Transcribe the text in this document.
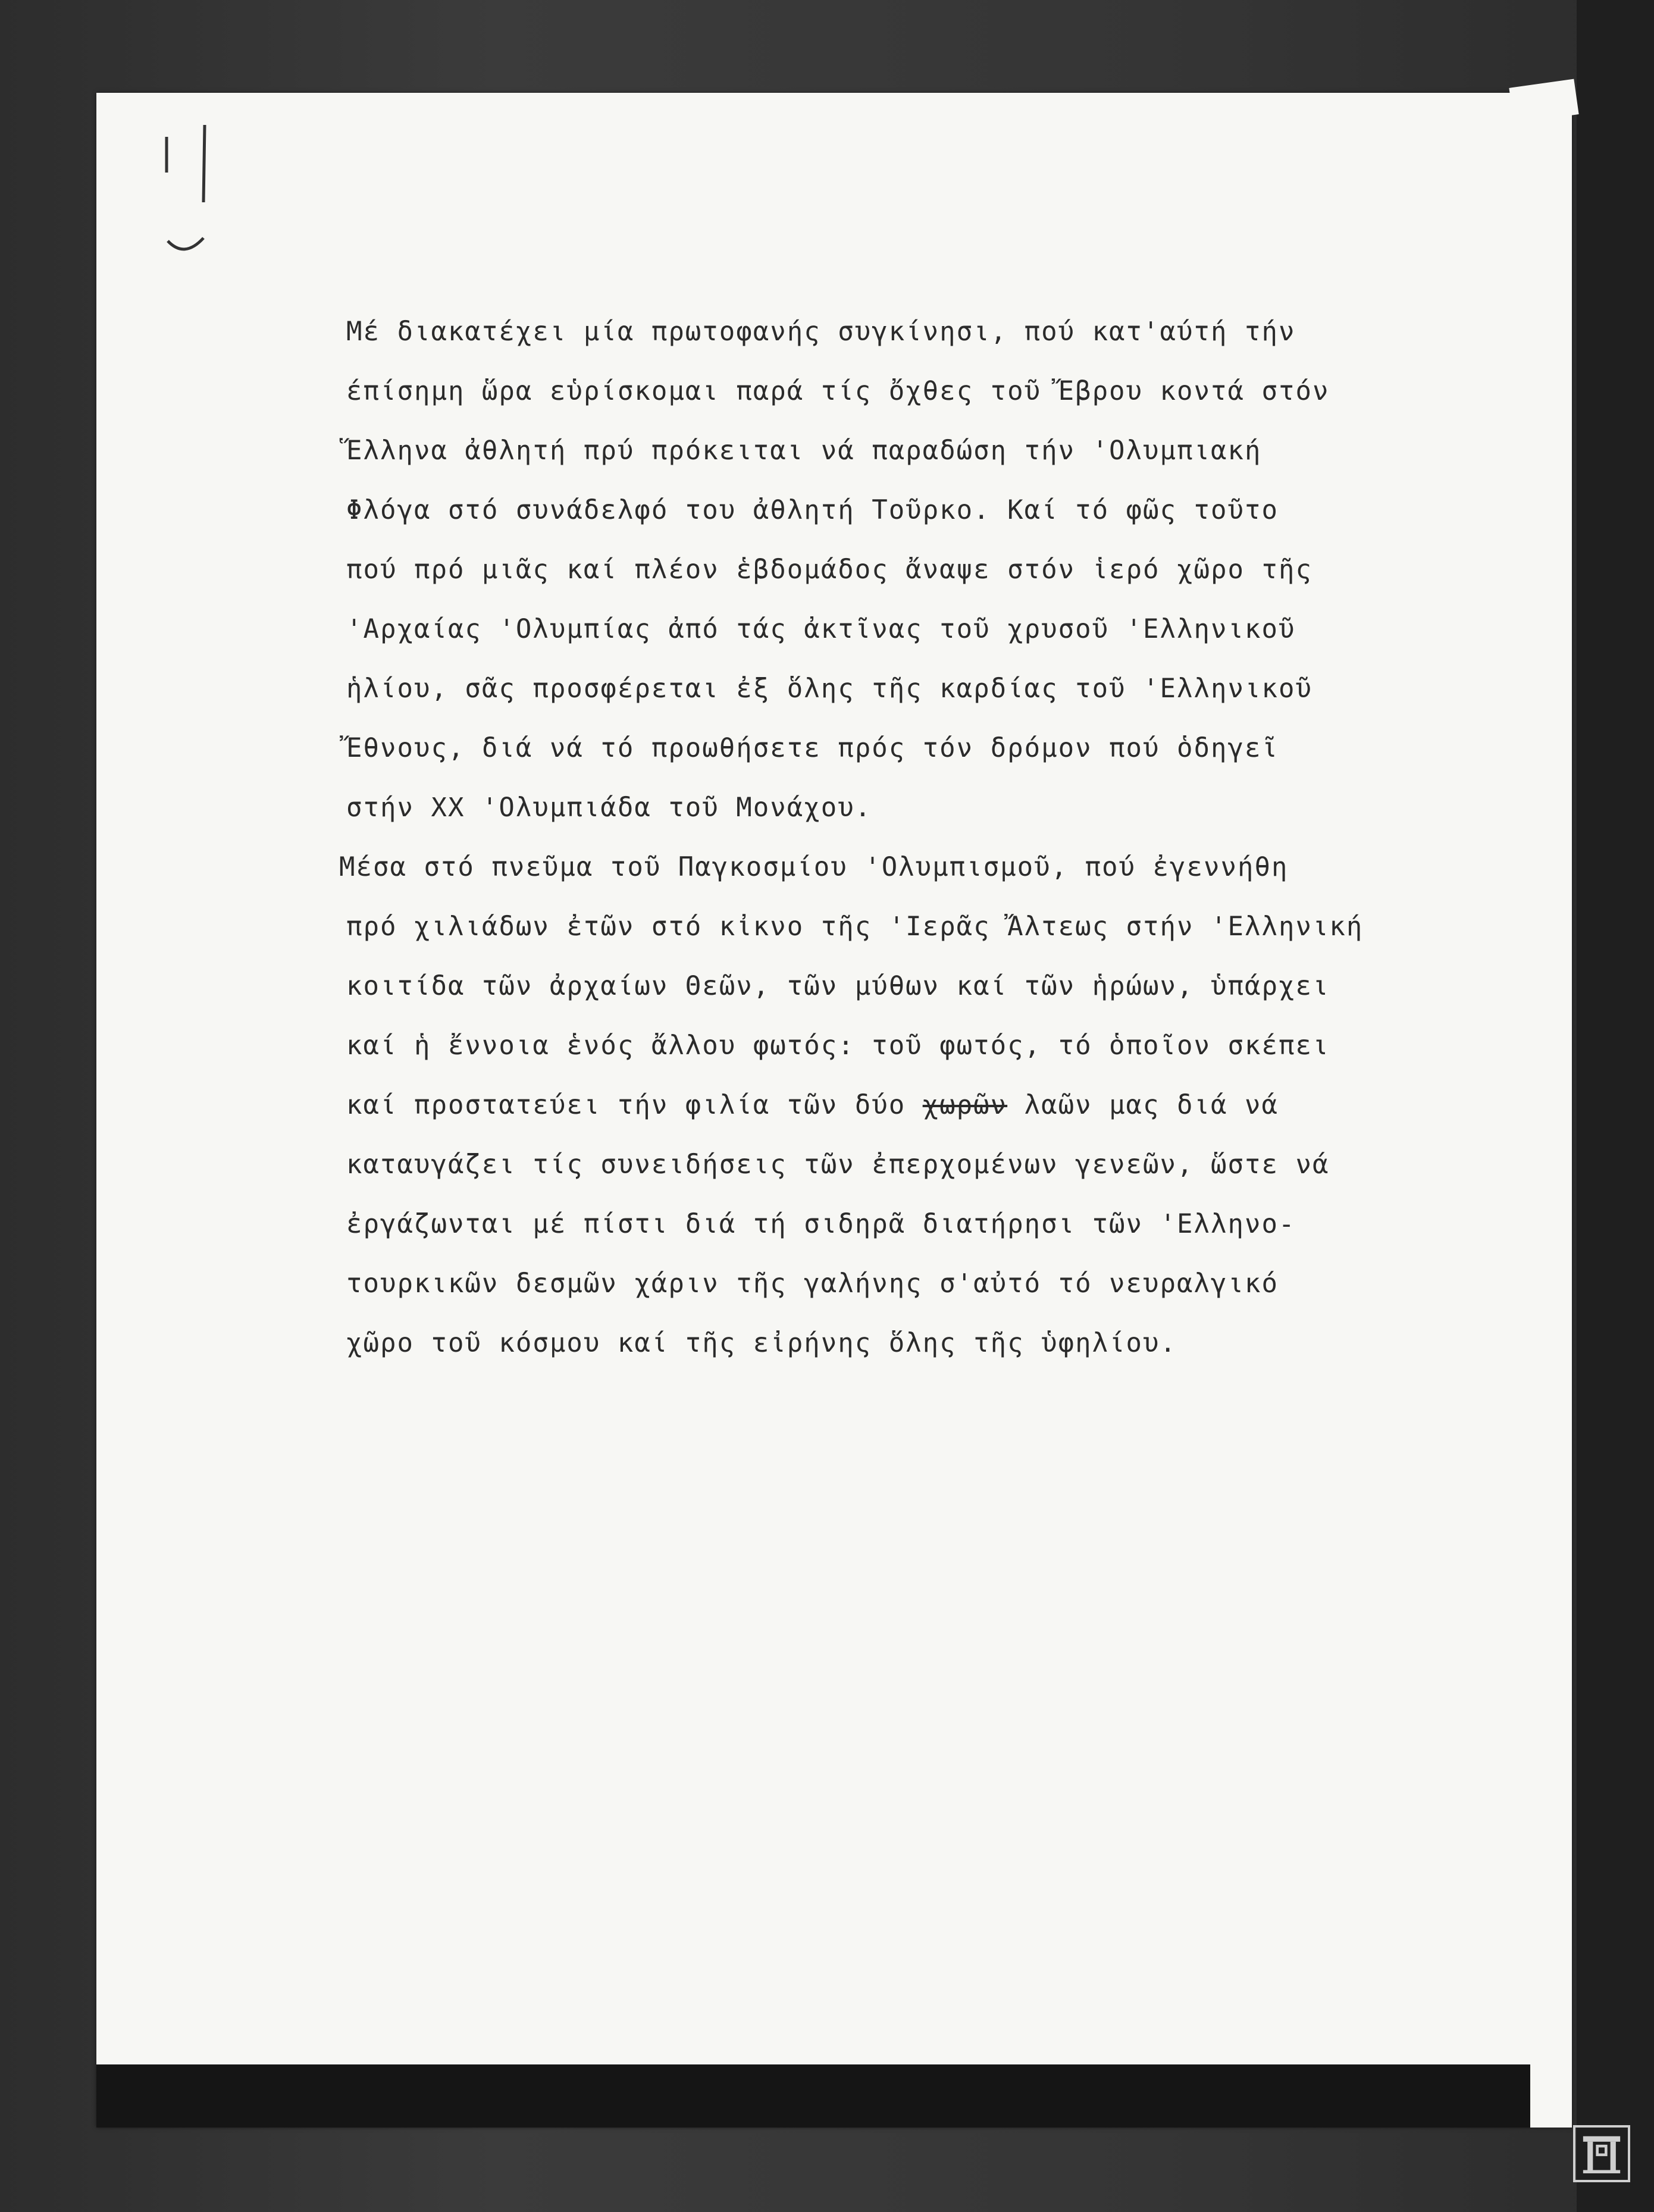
Μέ διακατέχει μία πρωτοφανής συγκίνησι, πού κατ'αύτή τήν
έπίσημη ὥρα εὑρίσκομαι παρά τίς ὄχθες τοῦ Ἔβρου κοντά στόν
Ἕλληνα ἀθλητή πρύ πρόκειται νά παραδώση τήν 'Ολυμπιακή
Φλόγα στό συνάδελφό του ἀθλητή Τοῦρκο. Καί τό φῶς τοῦτο
πού πρό μιᾶς καί πλέον ἑβδομάδος ἄναψε στόν ἱερό χῶρο τῆς
'Αρχαίας 'Ολυμπίας ἀπό τάς ἀκτῖνας τοῦ χρυσοῦ 'Ελληνικοῦ
ἡλίου, σᾶς προσφέρεται ἐξ ὅλης τῆς καρδίας τοῦ 'Ελληνικοῦ
Ἔθνους, διά νά τό προωθήσετε πρός τόν δρόμον πού ὁδηγεῖ
στήν XX 'Ολυμπιάδα τοῦ Μονάχου.
Μέσα στό πνεῦμα τοῦ Παγκοσμίου 'Ολυμπισμοῦ, πού ἐγεννήθη
πρό χιλιάδων ἐτῶν στό κἰκνο τῆς 'Ιερᾶς Ἄλτεως στήν 'Ελληνική
κοιτίδα τῶν ἀρχαίων Θεῶν, τῶν μύθων καί τῶν ἡρώων, ὑπάρχει
καί ἡ ἔννοια ἑνός ἄλλου φωτός: τοῦ φωτός, τό ὁποῖον σκέπει
καί προστατεύει τήν φιλία τῶν δύο χωρῶν λαῶν μας διά νά
καταυγάζει τίς συνειδήσεις τῶν ἐπερχομένων γενεῶν, ὥστε νά
ἐργάζωνται μέ πίστι διά τή σιδηρᾶ διατήρησι τῶν 'Ελληνο-
τουρκικῶν δεσμῶν χάριν τῆς γαλήνης σ'αὐτό τό νευραλγικό
χῶρο τοῦ κόσμου καί τῆς εἰρήνης ὅλης τῆς ὑφηλίου.
